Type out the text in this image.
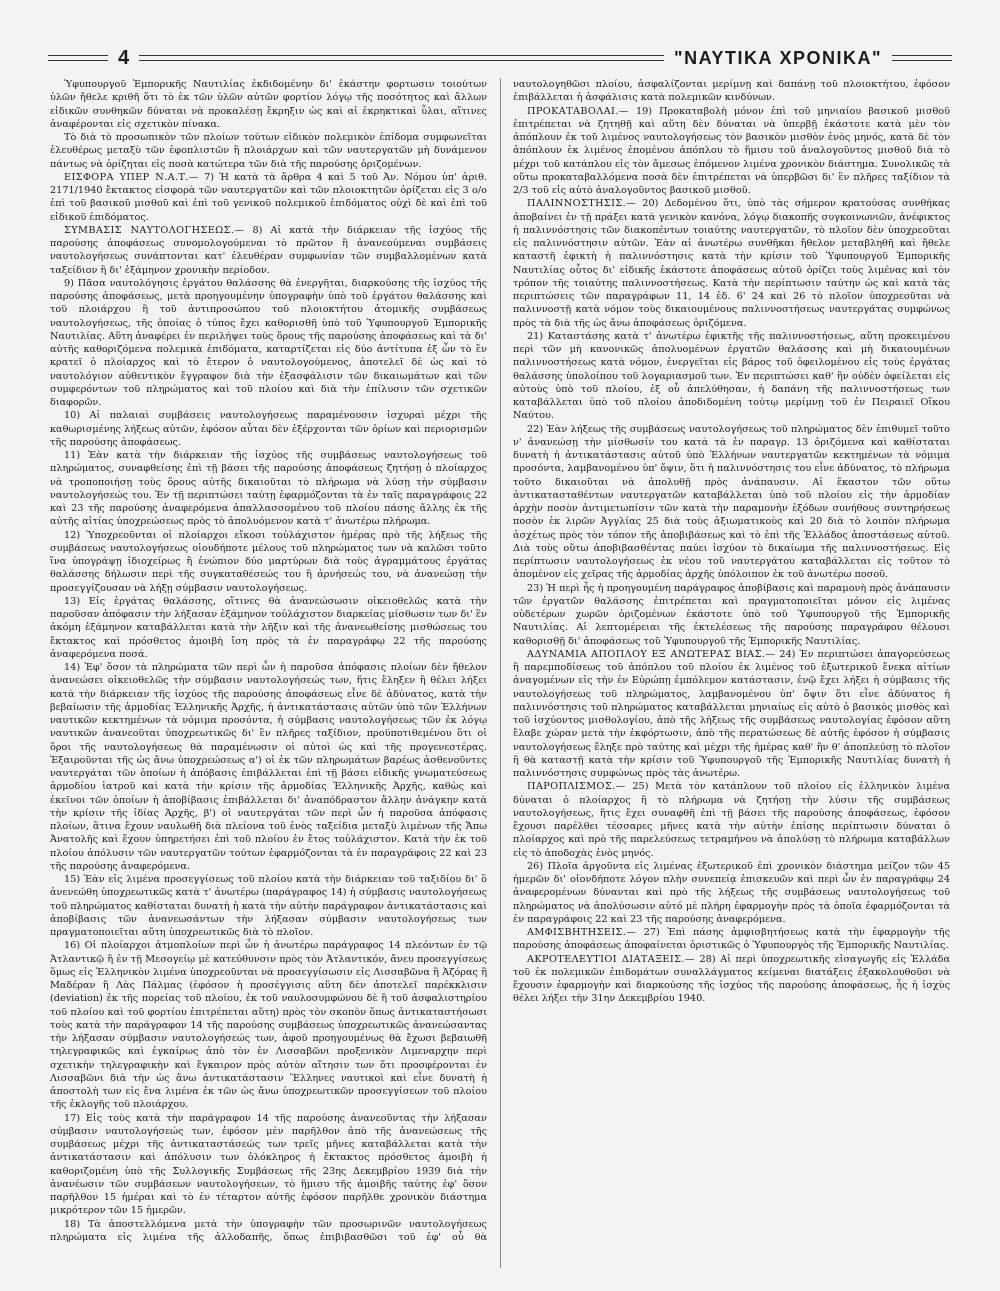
4	"ΝΑΥΤΙΚΑ ΧΡΟΝΙΚΑ"

Ὑφυπουργοῦ Ἐμπορικῆς Ναυτιλίας ἐκδιδομένην δι' ἑκάστην φορτωσιν τοιούτων ὑλῶν ἤθελε κριθῆ ὅτι τὸ ἐκ τῶν ὑλῶν αὐτῶν φορτίον λόγῳ τῆς ποσότητος καὶ ἄλλων εἰδικῶν συνθηκῶν δύναται νὰ προκαλέσῃ ἔκρηξιν ὡς καὶ αἱ ἐκρηκτικαὶ ὗλαι, αἵτινες ἀναφέρονται εἰς σχετικὸν πίνακα.

Τὸ διὰ τὸ προσωπικὸν τῶν πλοίων τούτων εἰδικὸν πολεμικὸν ἐπίδομα συμφωνεῖται ἐλευθέρως μεταξὺ τῶν ἐφοπλιστῶν ἢ πλοιάρχων καὶ τῶν ναυτεργατῶν μὴ δυνάμενον πάντως νὰ ὁρίζηται εἰς ποσὰ κατώτερα τῶν διὰ τῆς παρούσης ὁριζομένων.

ΕΙΣΦΟΡΑ ΥΠΕΡ Ν.Α.Τ.— 7) Ἡ κατὰ τὰ ἄρθρα 4 καὶ 5 τοῦ Ἀν. Νόμου ὑπ' ἀριθ. 2171/1940 ἔκτακτος εἰσφορὰ τῶν ναυτεργατῶν καὶ τῶν πλοιοκτητῶν ὁρίζεται εἰς 3 ο/ο ἐπὶ τοῦ βασικοῦ μισθοῦ καὶ ἐπὶ τοῦ γενικοῦ πολεμικοῦ ἐπιδόματος οὐχὶ δὲ καὶ ἐπὶ τοῦ εἰδικοῦ ἐπιδόματος.

ΣΥΜΒΑΣΙΣ ΝΑΥΤΟΛΟΓΗΣΕΩΣ.— 8) Αἱ κατὰ τὴν διάρκειαν τῆς ἰσχύος τῆς παρούσης ἀποφάσεως συνομολογούμεναι τὸ πρῶτον ἢ ἀνανεούμεναι συμβάσεις ναυτολογήσεως συνάπτονται κατ' ἐλευθέραν συμφωνίαν τῶν συμβαλλομένων κατὰ ταξείδιον ἢ δι' ἑξάμηνον χρονικὴν περίοδον.

9) Πᾶσα ναυτολόγησις ἐργάτου θαλάσσης θὰ ἐνεργῆται, διαρκούσης τῆς ἰσχύος τῆς παρούσης ἀποφάσεως, μετὰ προηγουμένην ὑπογραφὴν ὑπὸ τοῦ ἐργάτου θαλάσσης καὶ τοῦ πλοιάρχου ἢ τοῦ ἀντιπροσώπου τοῦ πλοιοκτήτου ἀτομικῆς συμβάσεως ναυτολογήσεως, τῆς ὁποίας ὁ τύπος ἔχει καθορισθῆ ὑπὸ τοῦ Ὑφυπουργοῦ Ἐμπορικῆς Ναυτιλίας. Αὕτη ἀναφέρει ἐν περιλήψει τοὺς ὅρους τῆς παρούσης ἀποφάσεως καὶ τὰ δι' αὐτῆς καθοριζόμενα πολεμικὰ ἐπιδόματα, καταρτίζεται εἰς δύο ἀντίτυπα ἐξ ὧν τὸ ἓν κρατεῖ ὁ πλοίαρχος καὶ τὸ ἕτερον ὁ ναυτολογούμενος, ἀποτελεῖ δὲ ὡς καὶ τὸ ναυτολόγιον αὐθεντικὸν ἔγγραφον διὰ τὴν ἐξασφάλισιν τῶν δικαιωμάτων καὶ τῶν συμφερόντων τοῦ πληρώματος καὶ τοῦ πλοίου καὶ διὰ τὴν ἐπίλυσιν τῶν σχετικῶν διαφορῶν.

10) Αἱ παλαιαὶ συμβάσεις ναυτολογήσεως παραμένουσιν ἰσχυραὶ μέχρι τῆς καθωρισμένης λήξεως αὐτῶν, ἐφόσον αὗται δὲν ἐξέρχονται τῶν ὁρίων καὶ περιορισμῶν τῆς παρούσης ἀποφάσεως.

11) Ἐὰν κατὰ τὴν διάρκειαν τῆς ἰσχύος τῆς συμβάσεως ναυτολογήσεως τοῦ πληρώματος, συναφθείσης ἐπὶ τῇ βάσει τῆς παρούσης ἀποφάσεως ζητήσῃ ὁ πλοίαρχος νὰ τροποποιήσῃ τοὺς ὅρους αὐτῆς δικαιοῦται τὸ πλήρωμα νὰ λύσῃ τὴν σύμβασιν ναυτολογήσεώς του. Ἐν τῇ περιπτώσει ταύτῃ ἐφαρμόζονται τὰ ἐν ταῖς παραγράφοις 22 καὶ 23 τῆς παρούσης ἀναφερόμενα ἀπαλλασσομένου τοῦ πλοίου πάσης ἄλλης ἐκ τῆς αὐτῆς αἰτίας ὑποχρεώσεως πρὸς τὸ ἀπολυόμενον κατὰ τ' ἀνωτέρω πλήρωμα.

12) Ὑποχρεοῦνται οἱ πλοίαρχοι εἴκοσι τοὐλάχιστον ἡμέρας πρὸ τῆς λήξεως τῆς συμβάσεως ναυτολογήσεως οἱουδήποτε μέλους τοῦ πληρώματος των νὰ καλῶσι τοῦτο ἵνα ὑπογράψῃ ἰδιοχείρως ἢ ἐνώπιον δύο μαρτύρων διὰ τοὺς ἀγραμμάτους ἐργάτας θαλάσσης δήλωσιν περὶ τῆς συγκαταθέσεώς του ἢ ἀρνήσεώς του, νὰ ἀνανεώσῃ τὴν προσεγγίζουσαν νὰ λήξῃ σύμβασιν ναυτολογήσεως.

13) Εἰς ἐργάτας θαλάσσης, οἵτινες θὰ ἀνανεώσωσιν οἰκειοθελῶς κατὰ τὴν παροῦσαν ἀπόφασιν τὴν λήξασαν ἑξάμηνον τοὐλάχιστον διαρκείας μίσθωσιν των δι' ἓν ἀκόμη ἑξάμηνον καταβάλλεται κατὰ τὴν λῆξιν καὶ τῆς ἀνανεωθείσης μισθώσεως του ἔκτακτος καὶ πρόσθετος ἀμοιβὴ ἴση πρὸς τὰ ἐν παραγράφῳ 22 τῆς παρούσης ἀναφερόμενα ποσά.

14) Ἐφ' ὅσον τὰ πληρώματα τῶν περὶ ὧν ἡ παροῦσα ἀπόφασις πλοίων δὲν ἤθελον ἀνανεώσει οἰκειοθελῶς τὴν σύμβασιν ναυτολογήσεώς των, ἥτις ἔληξεν ἢ θέλει λήξει κατὰ τὴν διάρκειαν τῆς ἰσχύος τῆς παρούσης ἀποφάσεως εἶνε δὲ ἀδύνατος, κατὰ τὴν βεβαίωσιν τῆς ἁρμοδίας Ἑλληνικῆς Ἀρχῆς, ἡ ἀντικατάστασις αὐτῶν ὑπὸ τῶν Ἑλλήνων ναυτικῶν κεκτημένων τὰ νόμιμα προσόντα, ἡ σύμβασις ναυτολογήσεως τῶν ἐκ λόγῳ ναυτικῶν ἀνανεοῦται ὑποχρεωτικῶς δι' ἓν πλῆρες ταξίδιον, προϋποτιθεμένου ὅτι οἱ ὅροι τῆς ναυτολογήσεως θὰ παραμένωσιν οἱ αὐτοὶ ὡς καὶ τῆς προγενεστέρας. Ἐξαιροῦνται τῆς ὡς ἄνω ὑποχρεώσεως α') οἱ ἐκ τῶν πληρωμάτων βαρέως ἀσθενοῦντες ναυτεργάται τῶν ὁποίων ἡ ἀπόβασις ἐπιβάλλεται ἐπὶ τῇ βάσει εἰδικῆς γνωματεύσεως ἁρμοδίου ἰατροῦ καὶ κατὰ τὴν κρίσιν τῆς ἁρμοδίας Ἑλληνικῆς Ἀρχῆς, καθὼς καὶ ἐκεῖνοι τῶν ὁποίων ἡ ἀποβίβασις ἐπιβάλλεται δι' ἀναπόδραστον ἄλλην ἀνάγκην κατὰ τὴν κρίσιν τῆς ἰδίας Ἀρχῆς, β') οἱ ναυτεργάται τῶν περὶ ὧν ἡ παροῦσα ἀπόφασις πλοίων, ἅτινα ἔχουν ναυλωθῆ διὰ πλείονα τοῦ ἑνὸς ταξείδια μεταξὺ λιμένων τῆς Ἄπω Ἀνατολῆς καὶ ἔχουν ὑπηρετήσει ἐπὶ τοῦ πλοίου ἐν ἔτος τοὐλάχιστον. Κατὰ τὴν ἐκ τοῦ πλοίου ἀπόλυσιν τῶν ναυτεργατῶν τούτων ἐφαρμόζονται τὰ ἐν παραγράφοις 22 καὶ 23 τῆς παρούσης ἀναφερόμενα.

15) Ἐὰν εἰς λιμένα προσεγγίσεως τοῦ πλοίου κατὰ τὴν διάρκειαν τοῦ ταξιδίου δι' ὃ ἀνενεώθη ὑποχρεωτικῶς κατὰ τ' ἀνωτέρω (παράγραφος 14) ἡ σύμβασις ναυτολογήσεως τοῦ πληρώματος καθίσταται δυνατὴ ἡ κατὰ τὴν αὐτὴν παράγραφον ἀντικατάστασις καὶ ἀποβίβασις τῶν ἀνανεωσάντων τὴν λήξασαν σύμβασιν ναυτολογήσεως των πραγματοποιεῖται αὕτη ὑποχρεωτικῶς διὰ τὸ πλοῖον.

16) Οἱ πλοίαρχοι ἀτμοπλοίων περὶ ὧν ἡ ἀνωτέρω παράγραφος 14 πλεόντων ἐν τῷ Ἀτλαντικῷ ἢ ἐν τῇ Μεσογείῳ μὲ κατεύθυνσιν πρὸς τὸν Ἀτλαντικόν, ἄνευ προσεγγίσεως ὅμως εἰς Ἑλληνικὸν λιμένα ὑποχρεοῦνται νὰ προσεγγίσωσιν εἰς Λισσαβῶνα ἢ Ἀζόρας ἢ Μαδέραν ἢ Λὰς Πάλμας (ἐφόσον ἡ προσέγγισις αὕτη δὲν ἀποτελεῖ παρέκκλισιν (deviation) ἐκ τῆς πορείας τοῦ πλοίου, ἐκ τοῦ ναυλοσυμφώνου δὲ ἢ τοῦ ἀσφαλιστηρίου τοῦ πλοίου καὶ τοῦ φορτίου ἐπιτρέπεται αὕτη) πρὸς τὸν σκοπὸν ὅπως ἀντικαταστήσωσι τοὺς κατὰ τὴν παράγραφον 14 τῆς παρούσης συμβάσεως ὑποχρεωτικῶς ἀνανεώσαντας τὴν λήξασαν σύμβασιν ναυτολογήσεώς των, ἀφοῦ προηγουμένως θὰ ἔχωσι βεβαιωθῆ τηλεγραφικῶς καὶ ἐγκαίρως ἀπὸ τὸν ἐν Λισσαβῶνι προξενικὸν Λιμεναρχην περὶ σχετικὴν τηλεγραφικὴν καὶ ἔγκαιρον πρὸς αὐτὸν αἴτησιν των ὅτι προσφέρονται ἐν Λισσαβῶνι διὰ τὴν ὡς ἄνω ἀντικατάστασιν Ἕλληνες ναυτικοὶ καὶ εἶνε δυνατὴ ἡ ἀποστολὴ των εἰς ἕνα λιμένα ἐκ τῶν ὡς ἄνω ὑποχρεωτικῶν προσεγγίσεων τοῦ πλοίου τῆς ἐκλογῆς τοῦ πλοιάρχου.

17) Εἰς τοὺς κατὰ τὴν παράγραφον 14 τῆς παρούσης ἀνανεοῦντας τὴν λήξασαν σύμβασιν ναυτολογήσεώς των, ἐφόσον μὲν παρῆλθον ἀπὸ τῆς ἀνανεώσεως τῆς συμβάσεως μέχρι τῆς ἀντικαταστάσεώς των τρεῖς μῆνες καταβάλλεται κατὰ τὴν ἀντικατάστασιν καὶ ἀπόλυσιν των ὁλόκληρος ἡ ἔκτακτος πρόσθετος ἀμοιβὴ ἡ καθοριζομένη ὑπὸ τῆς Συλλογικῆς Συμβάσεως τῆς 23ης Δεκεμβρίου 1939 διὰ τὴν ἀνανέωσιν τῶν συμβάσεων ναυτολογήσεων, τὸ ἥμισυ τῆς ἀμοιβῆς ταύτης ἐφ' ὅσον παρῆλθον 15 ἡμέραι καὶ τὸ ἐν τέταρτον αὐτῆς ἐφόσον παρῆλθε χρονικὸν διάστημα μικρότερον τῶν 15 ἡμερῶν.

18) Τὰ ἀποστελλόμενα μετὰ τὴν ὑπογραφὴν τῶν προσωρινῶν ναυτολογήσεως πληρώματα εἰς λιμένα τῆς ἀλλοδαπῆς, ὅπως ἐπιβιβασθῶσι τοῦ ἐφ' οὗ θὰ ναυτολογηθῶσι πλοίου, ἀσφαλίζονται μερίμνῃ καὶ δαπάνῃ τοῦ πλοιοκτήτου, ἐφόσον ἐπιβάλλεται ἡ ἀσφάλισις κατὰ πολεμικῶν κινδύνων.

ΠΡΟΚΑΤΑΒΟΛΑΙ.— 19) Προκαταβολὴ μόνον ἐπὶ τοῦ μηνιαίου βασικοῦ μισθοῦ ἐπιτρέπεται νὰ ζητηθῇ καὶ αὕτη δὲν δύναται νὰ ὑπερβῇ ἑκάστοτε κατὰ μὲν τὸν ἀπόπλουν ἐκ τοῦ λιμένος ναυτολογήσεως τὸν βασικὸν μισθὸν ἑνὸς μηνός, κατὰ δὲ τὸν ἀπόπλουν ἐκ λιμένος ἐπομένου ἀπόπλου τὸ ἥμισυ τοῦ ἀναλογοῦντος μισθοῦ διὰ τὸ μέχρι τοῦ κατάπλου εἰς τὸν ἄμεσως ἑπόμενον λιμένα χρονικὸν διάστημα. Συνολικῶς τὰ οὕτω προκαταβαλλόμενα ποσὰ δὲν ἐπιτρέπεται νὰ ὑπερβῶσι δι' ἓν πλῆρες ταξίδιον τὰ 2/3 τοῦ εἰς αὐτὸ ἀναλογοῦντος βασικοῦ μισθοῦ.

ΠΑΛΙΝΝΟΣΤΗΣΙΣ.— 20) Δεδομένου ὅτι, ὑπὸ τὰς σήμερον κρατούσας συνθήκας ἀποβαίνει ἐν τῇ πράξει κατὰ γενικὸν κανόνα, λόγῳ διακοπῆς συγκοινωνιῶν, ἀνέφικτος ἡ παλιννόστησις τῶν διακοπέντων τοιαύτης ναυτεργατῶν, τὸ πλοῖον δὲν ὑποχρεοῦται εἰς παλιννόστησιν αὐτῶν. Ἐὰν αἱ ἀνωτέρω συνθῆκαι ἤθελον μεταβληθῆ καὶ ἤθελε καταστῆ ἐφικτὴ ἡ παλιννόστησις κατὰ τὴν κρίσιν τοῦ Ὑφυπουργοῦ Ἐμπορικῆς Ναυτιλίας οὗτος δι' εἰδικῆς ἑκάστοτε ἀποφάσεως αὐτοῦ ὁρίζει τοὺς λιμένας καὶ τὸν τρόπον τῆς τοιαύτης παλιννοστήσεως. Κατὰ τὴν περίπτωσιν ταύτην ὡς καὶ κατὰ τὰς περιπτώσεις τῶν παραγράφων 11, 14 ἐδ. 6' 24 καὶ 26 τὸ πλοῖον ὑποχρεοῦται νὰ παλιννοστῇ κατὰ νόμον τοὺς δικαιουμένους παλιννοστήσεως ναυτεργάτας συμφώνως πρὸς τὰ διὰ τῆς ὡς ἄνω ἀποφάσεως ὁριζόμενα.

21) Καταστάσης κατὰ τ' ἀνωτέρω ἐφικτῆς τῆς παλιννοστήσεως, αὕτη προκειμένου περὶ τῶν μὴ κανονικῶς ἀπολυομένων ἐργατῶν θαλάσσης καὶ μὴ δικαιουμένων παλιννοστήσεως κατὰ νόμον, ἐνεργεῖται εἰς βάρος τοῦ ὀφειλομένου εἰς τοὺς ἐργάτας θαλάσσης ὑπολοίπου τοῦ λογαριασμοῦ των. Ἐν περιπτώσει καθ' ἣν οὐδὲν ὀφείλεται εἰς αὐτοὺς ὑπὸ τοῦ πλοίου, ἐξ οὗ ἀπελύθησαν, ἡ δαπάνη τῆς παλιννοστήσεως των καταβάλλεται ὑπὸ τοῦ πλοίου ἀποδιδομένη τούτῳ μερίμνῃ τοῦ ἐν Πειραιεῖ Οἴκου Ναύτου.

22) Ἐὰν λήξεως τῆς συμβάσεως ναυτολογήσεως τοῦ πληρώματος δὲν ἐπιθυμεῖ τοῦτο ν' ἀνανεώσῃ τὴν μίσθωσίν του κατὰ τὰ ἐν παραγρ. 13 ὁριζόμενα καὶ καθίσταται δυνατὴ ἡ ἀντικατάστασις αὐτοῦ ὑπὸ Ἑλλήνων ναυτεργατῶν κεκτημένων τὰ νόμιμα προσόντα, λαμβανομένου ὑπ' ὄψιν, ὅτι ἡ παλιννόστησις του εἶνε ἀδύνατος, τὸ πλήρωμα τοῦτο δικαιοῦται νὰ ἀπολυθῇ πρὸς ἀνάπαυσιν. Αἱ ἕκαστον τῶν οὕτω ἀντικατασταθέντων ναυτεργατῶν καταβάλλεται ὑπὸ τοῦ πλοίου εἰς τὴν ἁρμοδίαν ἀρχὴν ποσὸν ἀντιμετωπίσιν τῶν κατὰ τὴν παραμονὴν ἐξόδων συνήθους συντηρήσεως ποσὸν ἐκ λιρῶν Ἀγγλίας 25 διὰ τοὺς ἀξιωματικοὺς καὶ 20 διὰ τὸ λοιπὸν πλήρωμα ἀσχέτως πρὸς τὸν τόπον τῆς ἀποβιβάσεως καὶ τὸ ἐπὶ τῆς Ἑλλάδος ἀποστάσεως αὐτοῦ. Διὰ τοὺς οὕτω ἀποβιβασθέντας παύει ἰσχύον τὸ δικαίωμα τῆς παλιννοστήσεως. Εἰς περίπτωσιν ναυτολογήσεως ἐκ νέου τοῦ ναυτεργάτου καταβάλλεται εἰς τοῦτον τὸ ἀπομένον εἰς χεῖρας τῆς ἁρμοδίας ἀρχῆς ὑπόλοιπον ἐκ τοῦ ἀνωτέρω ποσοῦ.

23) Ἡ περὶ ἧς ἡ προηγουμένη παράγραφος ἀποβίβασις καὶ παραμονὴ πρὸς ἀνάπαυσιν τῶν ἐργατῶν θαλάσσης ἐπιτρέπεται καὶ πραγματοποιεῖται μόνον εἰς λιμένας οὐδετέρων χωρῶν ὁριζομένων ἑκάστοτε ὑπὸ τοῦ Ὑφυπουργοῦ τῆς Ἐμπορικῆς Ναυτιλίας. Αἱ λεπτομέρειαι τῆς ἐκτελέσεως τῆς παρούσης παραγράφου θέλουσι καθορισθῇ δι' ἀποφάσεως τοῦ Ὑφυπουργοῦ τῆς Ἐμπορικῆς Ναυτιλίας.

ΑΔΥΝΑΜΙΑ ΑΠΟΠΛΟΥ ΕΞ ΑΝΩΤΕΡΑΣ ΒΙΑΣ.— 24) Ἐν περιπτώσει ἀπαγορεύσεως ἢ παρεμποδίσεως τοῦ ἀπόπλου τοῦ πλοίου ἐκ λιμένος τοῦ ἐξωτερικοῦ ἕνεκα αἰτίων ἀναγομένων εἰς τὴν ἐν Εὐρώπῃ ἐμπόλεμον κατάστασιν, ἐνῷ ἔχει λήξει ἡ σύμβασις τῆς ναυτολογήσεως τοῦ πληρώματος, λαμβανομένου ὑπ' ὄψιν ὅτι εἶνε ἀδύνατος ἡ παλιννόστησις τοῦ πληρώματος καταβάλλεται μηνιαίως εἰς αὐτὸ ὁ βασικὸς μισθὸς καὶ τοῦ ἰσχύοντος μισθολογίου, ἀπὸ τῆς λήξεως τῆς συμβάσεως ναυτολογίας ἐφόσον αὕτη ἔλαβε χώραν μετὰ τὴν ἐκφόρτωσιν, ἀπὸ τῆς περατώσεως δὲ αὐτῆς ἐφόσον ἡ σύμβασις ναυτολογήσεως ἔληξε πρὸ ταύτης καὶ μέχρι τῆς ἡμέρας καθ' ἣν θ' ἀποπλεύσῃ τὸ πλοῖον ἢ θὰ καταστῇ κατὰ τὴν κρίσιν τοῦ Ὑφυπουργοῦ τῆς Ἐμπορικῆς Ναυτιλίας δυνατὴ ἡ παλιννόστησις συμφώνως πρὸς τὰς ἀνωτέρω.

ΠΑΡΟΠΛΙΣΜΟΣ.— 25) Μετὰ τὸν κατάπλουν τοῦ πλοίου εἰς ἑλληνικὸν λιμένα δύναται ὁ πλοίαρχος ἢ τὸ πλήρωμα νὰ ζητήσῃ τὴν λύσιν τῆς συμβάσεως ναυτολογήσεως, ἥτις ἔχει συναφθῆ ἐπὶ τῇ βάσει τῆς παρούσης ἀποφάσεως, ἐφόσον ἔχουσι παρέλθει τέσσαρες μῆνες κατὰ τὴν αὐτὴν ἐπίσης περίπτωσιν δύναται ὁ πλοίαρχος καὶ πρὸ τῆς παρελεύσεως τετραμήνου νὰ ἀπολύσῃ τὸ πλήρωμα καταβάλλων εἰς τὸ ἀποδοχὰς ἑνὸς μηνός.

26) Πλοῖα ἀργοῦντα εἰς λιμένας ἐξωτερικοῦ ἐπὶ χρονικὸν διάστημα μείζον τῶν 45 ἡμερῶν δι' οἱονδήποτε λόγον πλὴν συνεπείᾳ ἐπισκευῶν καὶ περὶ ὧν ἐν παραγράφῳ 24 ἀναφερομένων δύνανται καὶ πρὸ τῆς λήξεως τῆς συμβάσεως ναυτολογήσεως τοῦ πληρώματος νὰ ἀπολύσωσιν αὐτό μὲ πλήρη ἐφαρμογὴν πρὸς τὰ ὁποῖα ἐφαρμόζονται τὰ ἐν παραγράφοις 22 καὶ 23 τῆς παρούσης ἀναφερόμενα.

ΑΜΦΙΣΒΗΤΗΣΕΙΣ.— 27) Ἐπὶ πάσης ἀμφισβητήσεως κατὰ τὴν ἐφαρμογὴν τῆς παρούσης ἀποφάσεως ἀποφαίνεται ὁριστικῶς ὁ Ὑφυπουργὸς τῆς Ἐμπορικῆς Ναυτιλίας.

ΑΚΡΟΤΕΛΕΥΤΙΟΙ ΔΙΑΤΑΞΕΙΣ.— 28) Αἱ περὶ ὑποχρεωτικῆς εἰσαγωγῆς εἰς Ἑλλάδα τοῦ ἐκ πολεμικῶν ἐπιδομάτων συναλλάγματος κείμεναι διατάξεις ἐξακολουθοῦσι νὰ ἔχουσιν ἐφαρμογὴν καὶ διαρκούσης τῆς ἰσχύος τῆς παρούσης ἀποφάσεως, ἧς ἡ ἰσχὺς θέλει λήξει τὴν 31ην Δεκεμβρίου 1940.
